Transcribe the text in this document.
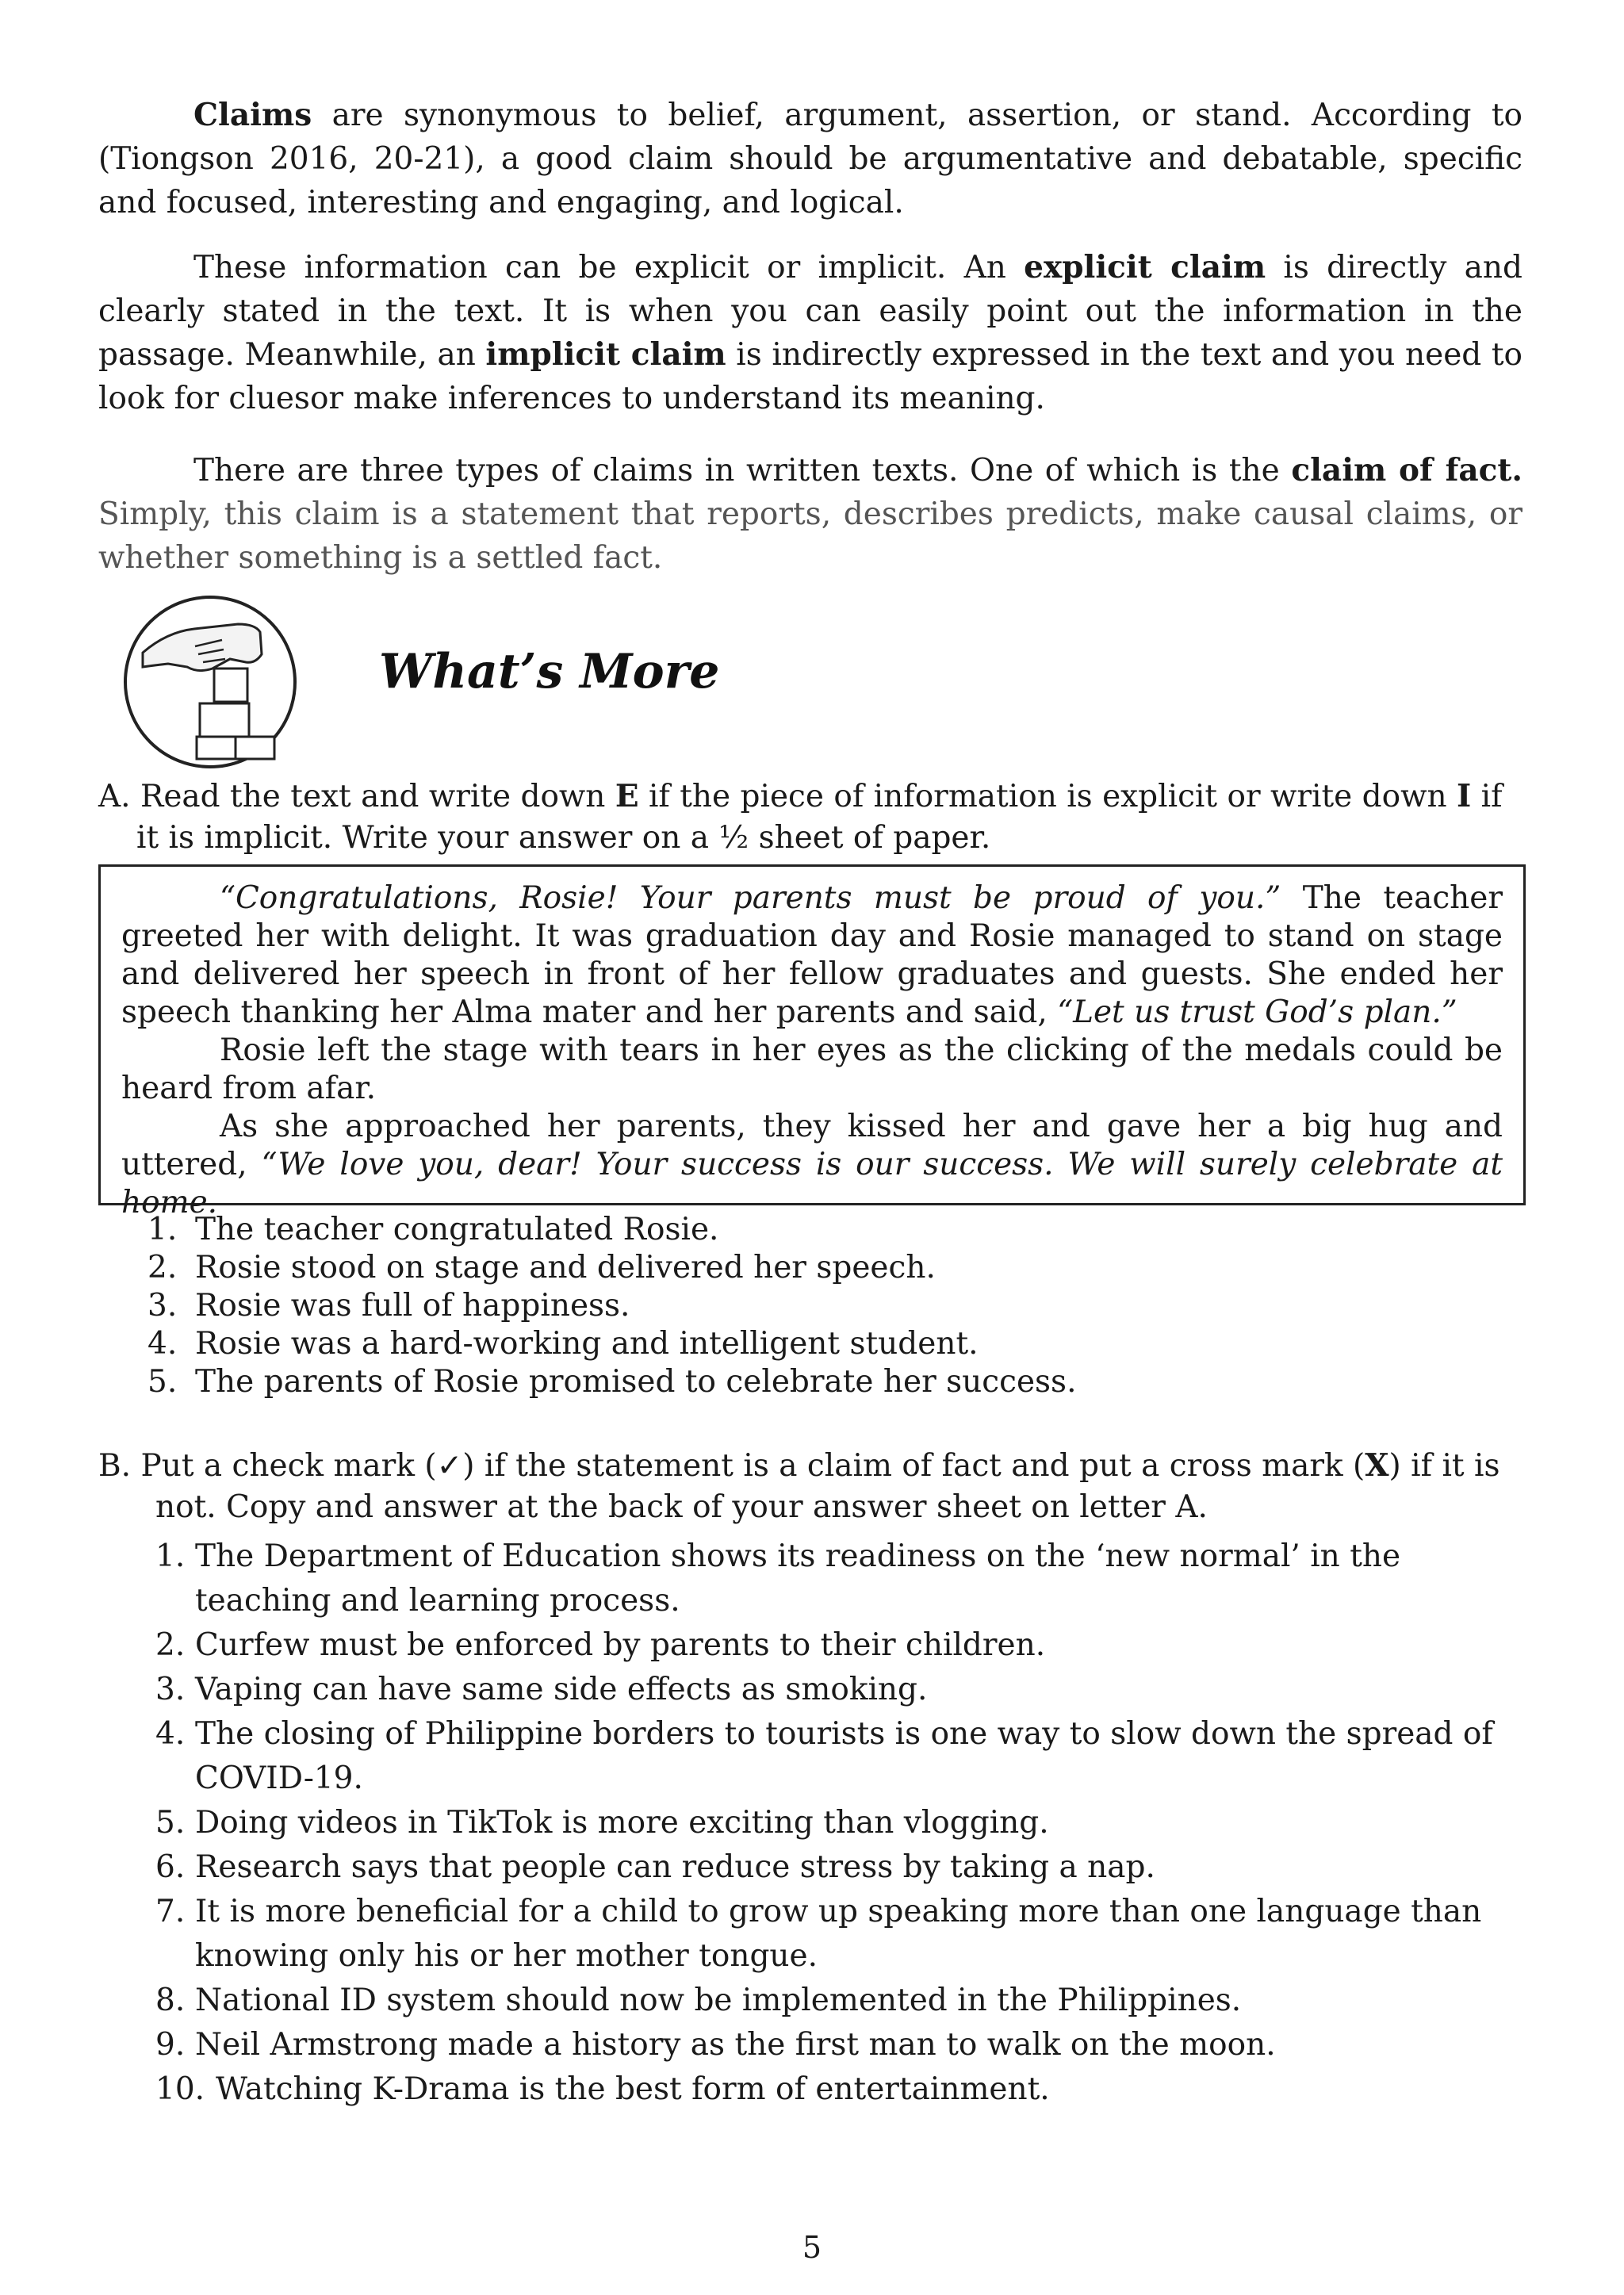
Claims are synonymous to belief, argument, assertion, or stand. According to (Tiongson 2016, 20-21), a good claim should be argumentative and debatable, specific and focused, interesting and engaging, and logical.

These information can be explicit or implicit. An explicit claim is directly and clearly stated in the text. It is when you can easily point out the information in the passage. Meanwhile, an implicit claim is indirectly expressed in the text and you need to look for cluesor make inferences to understand its meaning.

There are three types of claims in written texts. One of which is the claim of fact. Simply, this claim is a statement that reports, describes predicts, make causal claims, or whether something is a settled fact.

What’s More

A. Read the text and write down E if the piece of information is explicit or write down I if
it is implicit. Write your answer on a ½ sheet of paper.

“Congratulations, Rosie! Your parents must be proud of you.” The teacher greeted her with delight. It was graduation day and Rosie managed to stand on stage and delivered her speech in front of her fellow graduates and guests. She ended her speech thanking her Alma mater and her parents and said, “Let us trust God’s plan.”

Rosie left the stage with tears in her eyes as the clicking of the medals could be heard from afar.

As she approached her parents, they kissed her and gave her a big hug and uttered, “We love you, dear! Your success is our success. We will surely celebrate at home.

1. The teacher congratulated Rosie.
2. Rosie stood on stage and delivered her speech.
3. Rosie was full of happiness.
4. Rosie was a hard-working and intelligent student.
5. The parents of Rosie promised to celebrate her success.

B. Put a check mark (✓) if the statement is a claim of fact and put a cross mark (X) if it is
not. Copy and answer at the back of your answer sheet on letter A.

1. The Department of Education shows its readiness on the ‘new normal’ in the teaching and learning process.
2. Curfew must be enforced by parents to their children.
3. Vaping can have same side effects as smoking.
4. The closing of Philippine borders to tourists is one way to slow down the spread of COVID-19.
5. Doing videos in TikTok is more exciting than vlogging.
6. Research says that people can reduce stress by taking a nap.
7. It is more beneficial for a child to grow up speaking more than one language than knowing only his or her mother tongue.
8. National ID system should now be implemented in the Philippines.
9. Neil Armstrong made a history as the first man to walk on the moon.
10. Watching K-Drama is the best form of entertainment.
5
